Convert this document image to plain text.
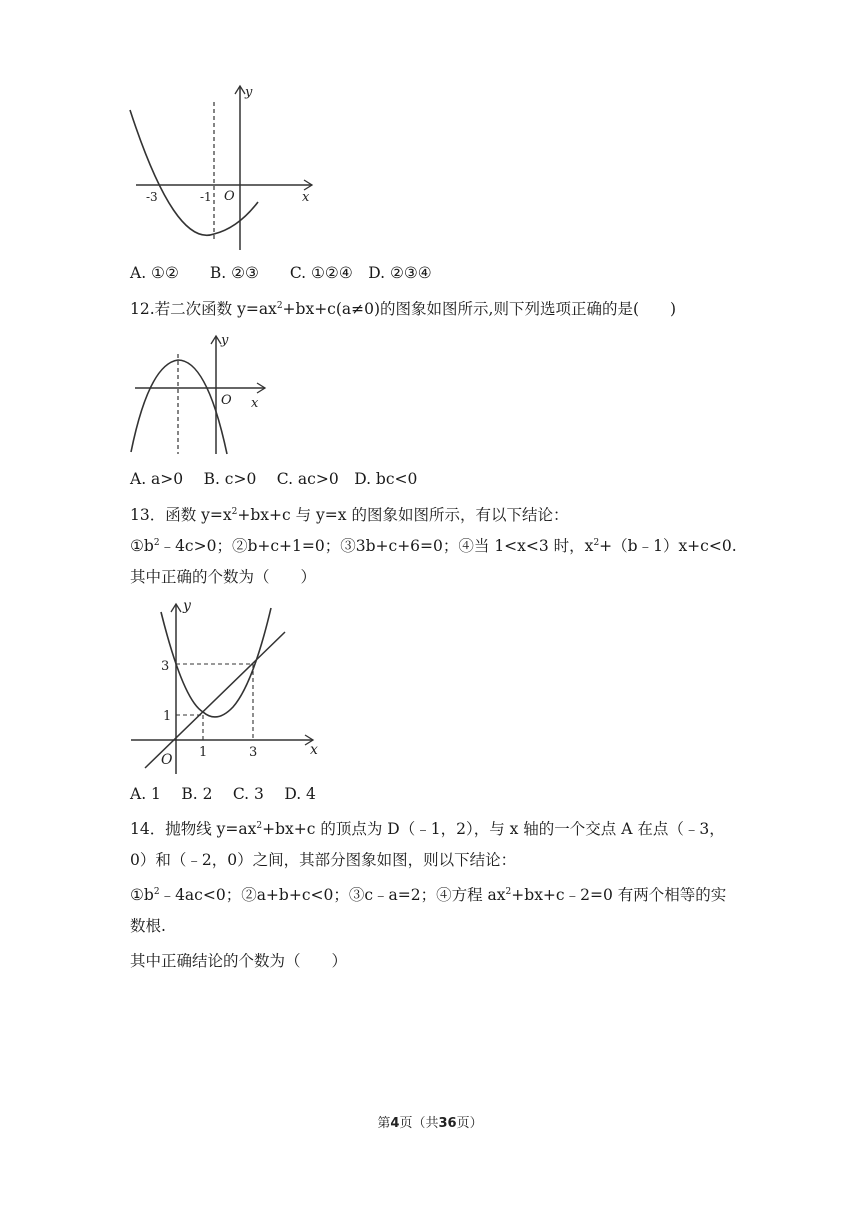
y
x
O
-3	-1
A. ①②　　B. ②③　　C. ①②④　D. ②③④
12.若二次函数 $y=ax^2+bx+c(a\ne 0)$的图象如图所示,则下列选项正确的是(　　)
y
x
O
A. a>0　 B. c>0　 C. ac>0　D. bc<0
13．函数 $y=x^2+bx+c$ 与 y=x 的图象如图所示，有以下结论：
$①b^2﹣4c>0$；②b+c+1=0；③3b+c+6=0；④当 1<x<3 时，$x^2+(b﹣1)x+c<0$.
其中正确的个数为（　　）
y
x
O
3
1
1	3
A. 1　 B. 2　 C. 3　 D. 4
14．抛物线 $y=ax^2+bx+c$ 的顶点为 D（﹣1，2），与 x 轴的一个交点 A 在点（﹣3，
0）和（﹣2，0）之间，其部分图象如图，则以下结论：
$①b^2﹣4ac<0$；②a+b+c<0；③c﹣a=2；④方程 $ax^2+bx+c﹣2=0$ 有两个相等的实
数根.
其中正确结论的个数为（　　）
第4页（共36页）
